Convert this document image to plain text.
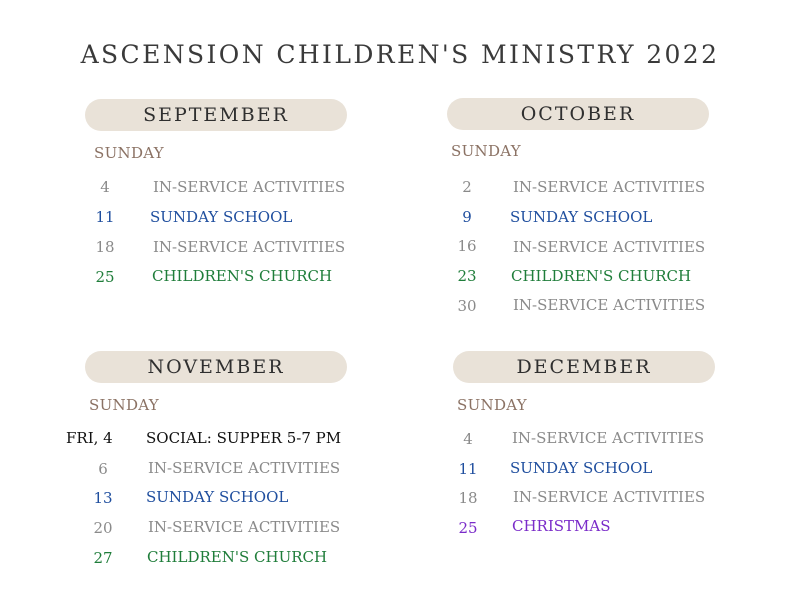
ASCENSION CHILDREN'S MINISTRY 2022
SEPTEMBER
SUNDAY
4	IN-SERVICE ACTIVITIES
11	SUNDAY SCHOOL
18	IN-SERVICE ACTIVITIES
25	CHILDREN'S CHURCH
OCTOBER
SUNDAY
2	IN-SERVICE ACTIVITIES
9	SUNDAY SCHOOL
16	IN-SERVICE ACTIVITIES
23	CHILDREN'S CHURCH
30	IN-SERVICE ACTIVITIES
NOVEMBER
SUNDAY
FRI, 4 SOCIAL: SUPPER 5-7 PM
6	IN-SERVICE ACTIVITIES
13	SUNDAY SCHOOL
20	IN-SERVICE ACTIVITIES
27	CHILDREN'S CHURCH
DECEMBER
SUNDAY
4	IN-SERVICE ACTIVITIES
11	SUNDAY SCHOOL
18	IN-SERVICE ACTIVITIES
25	CHRISTMAS
